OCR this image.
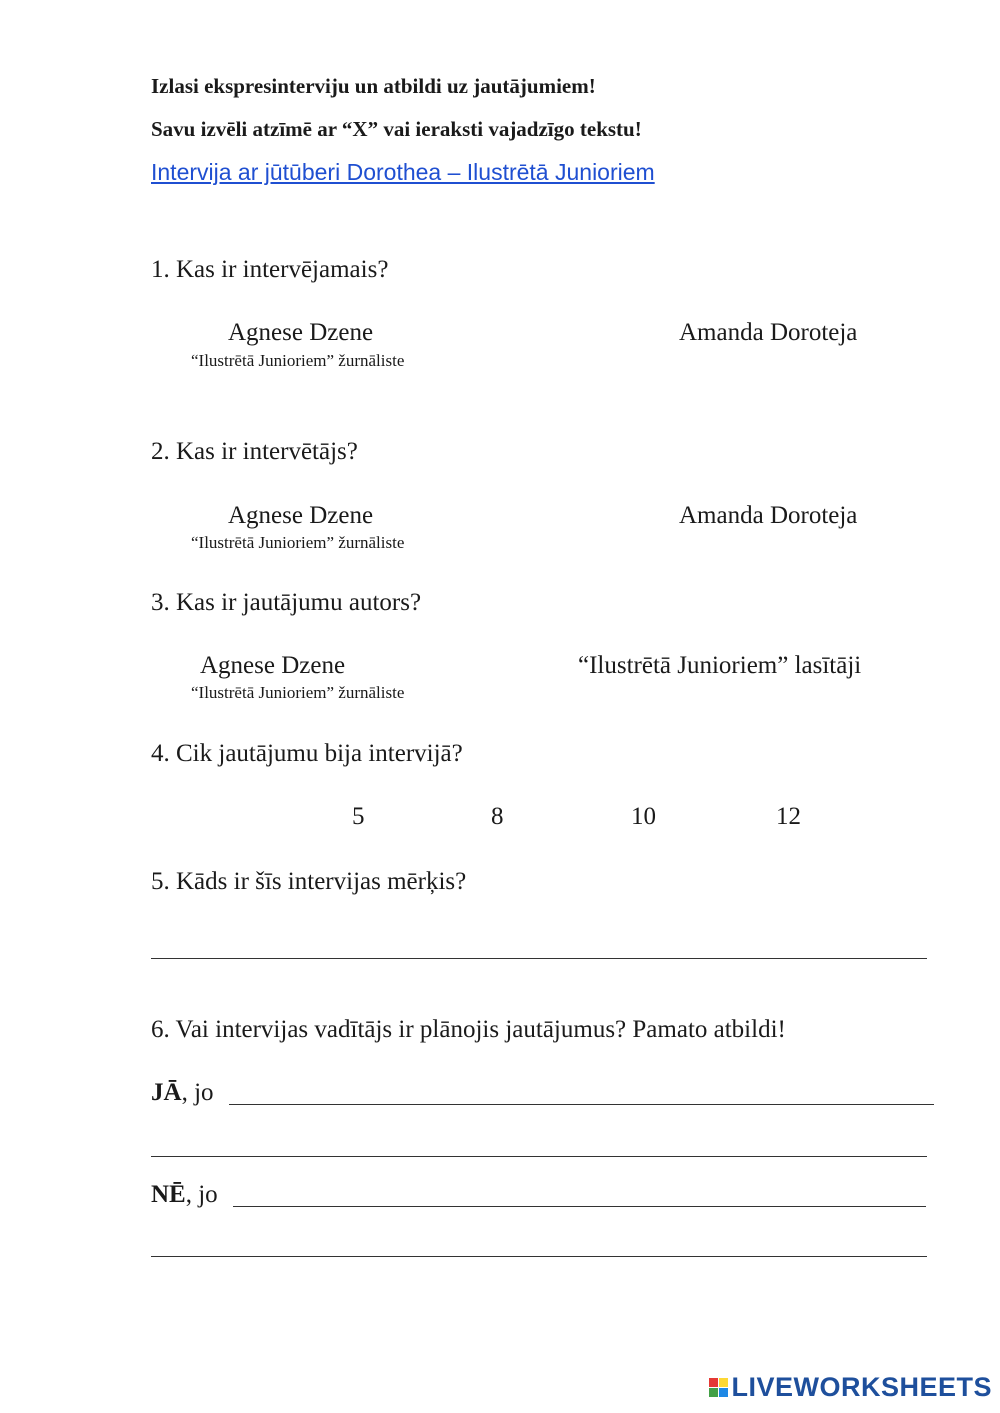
Izlasi ekspresinterviju un atbildi uz jautājumiem!
Savu izvēli atzīmē ar “X” vai ieraksti vajadzīgo tekstu!
Intervija ar jūtūberi Dorothea – Ilustrētā Junioriem
1. Kas ir intervējamais?
Agnese Dzene
“Ilustrētā Junioriem” žurnāliste
Amanda Doroteja
2. Kas ir intervētājs?
Agnese Dzene
“Ilustrētā Junioriem” žurnāliste
Amanda Doroteja
3. Kas ir jautājumu autors?
Agnese Dzene
“Ilustrētā Junioriem” žurnāliste
“Ilustrētā Junioriem” lasītāji
4. Cik jautājumu bija intervijā?
5	8	10	12
5. Kāds ir šīs intervijas mērķis?
6. Vai intervijas vadītājs ir plānojis jautājumus? Pamato atbildi!
JĀ, jo
NĒ, jo
LIVEWORKSHEETS
